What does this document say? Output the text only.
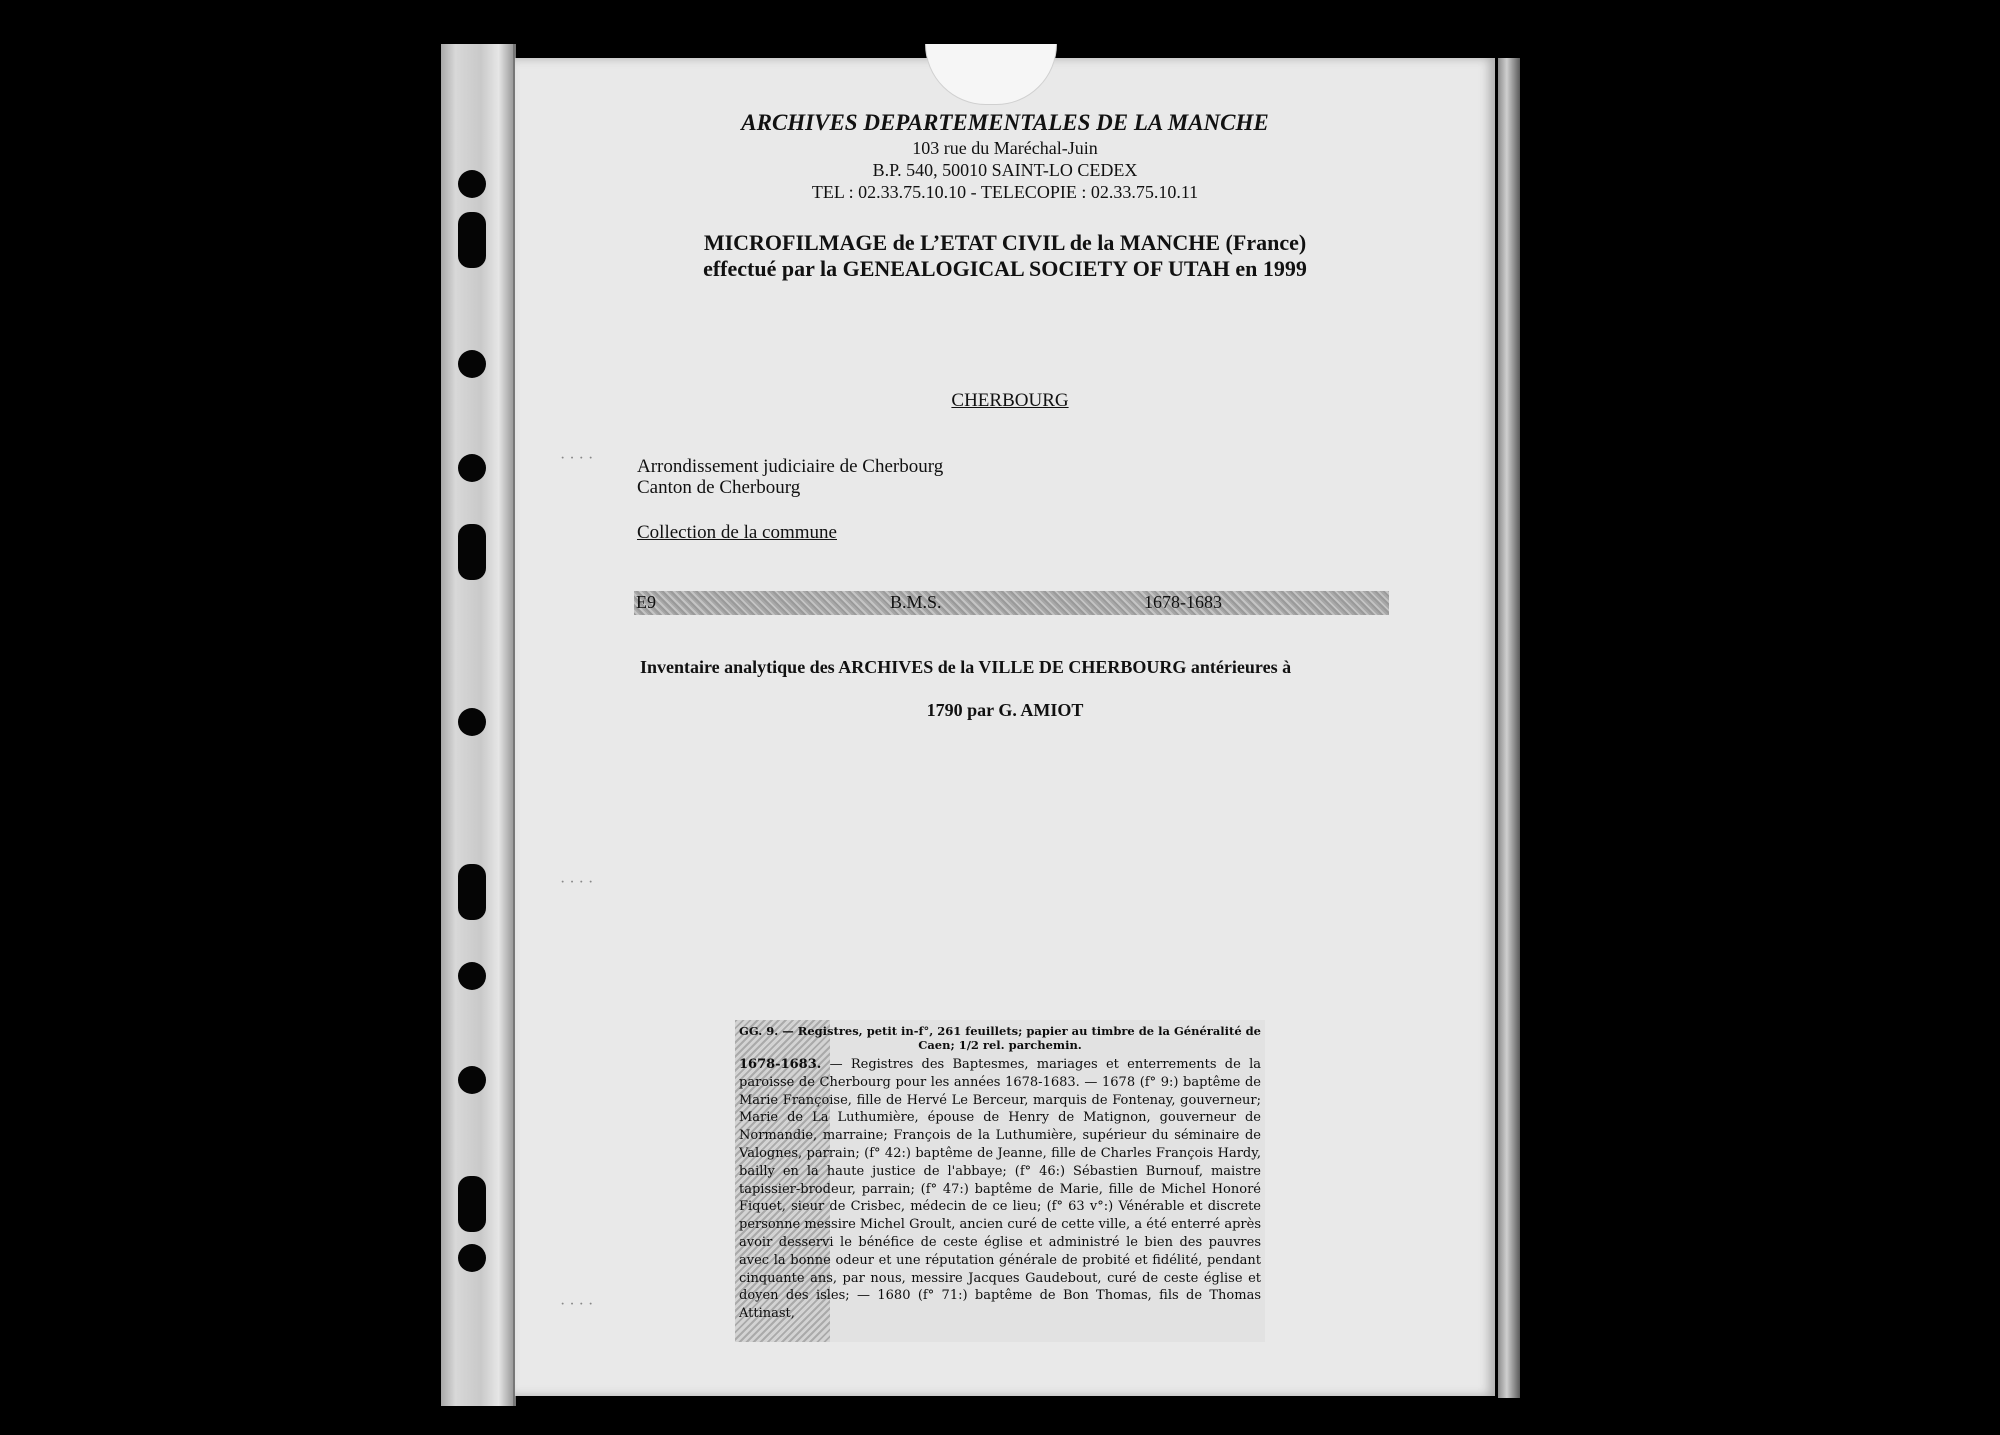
ARCHIVES DEPARTEMENTALES DE LA MANCHE

103 rue du Maréchal-Juin

B.P. 540, 50010 SAINT-LO CEDEX

TEL : 02.33.75.10.10 - TELECOPIE : 02.33.75.10.11

MICROFILMAGE de L’ETAT CIVIL de la MANCHE (France)

effectué par la GENEALOGICAL SOCIETY OF UTAH en 1999

CHERBOURG

· · · · Arrondissement judiciaire de Cherbourg

Canton de Cherbourg

Collection de la commune

E9	B.M.S.	1678-1683

Inventaire analytique des ARCHIVES de la VILLE DE CHERBOURG antérieures à

1790 par G. AMIOT

· · · ·
· · · ·

GG. 9. — Registres, petit in-f°, 261 feuillets; papier au timbre de la Généralité de Caen; 1/2 rel. parchemin.

1678-1683. — Registres des Baptesmes, mariages et enterrements de la paroisse de Cherbourg pour les années 1678-1683. — 1678 (f° 9:) baptême de Marie Françoise, fille de Hervé Le Berceur, marquis de Fontenay, gouverneur; Marie de La Luthumière, épouse de Henry de Matignon, gouverneur de Normandie, marraine; François de la Luthumière, supérieur du séminaire de Valognes, parrain; (f° 42:) baptême de Jeanne, fille de Charles François Hardy, bailly en la haute justice de l'abbaye; (f° 46:) Sébastien Burnouf, maistre tapissier-brodeur, parrain; (f° 47:) baptême de Marie, fille de Michel Honoré Fiquet, sieur de Crisbec, médecin de ce lieu; (f° 63 v°:) Vénérable et discrete personne messire Michel Groult, ancien curé de cette ville, a été enterré après avoir desservi le bénéfice de ceste église et administré le bien des pauvres avec la bonne odeur et une réputation générale de probité et fidélité, pendant cinquante ans, par nous, messire Jacques Gaudebout, curé de ceste église et doyen des isles; — 1680 (f° 71:) baptême de Bon Thomas, fils de Thomas Attinast,
